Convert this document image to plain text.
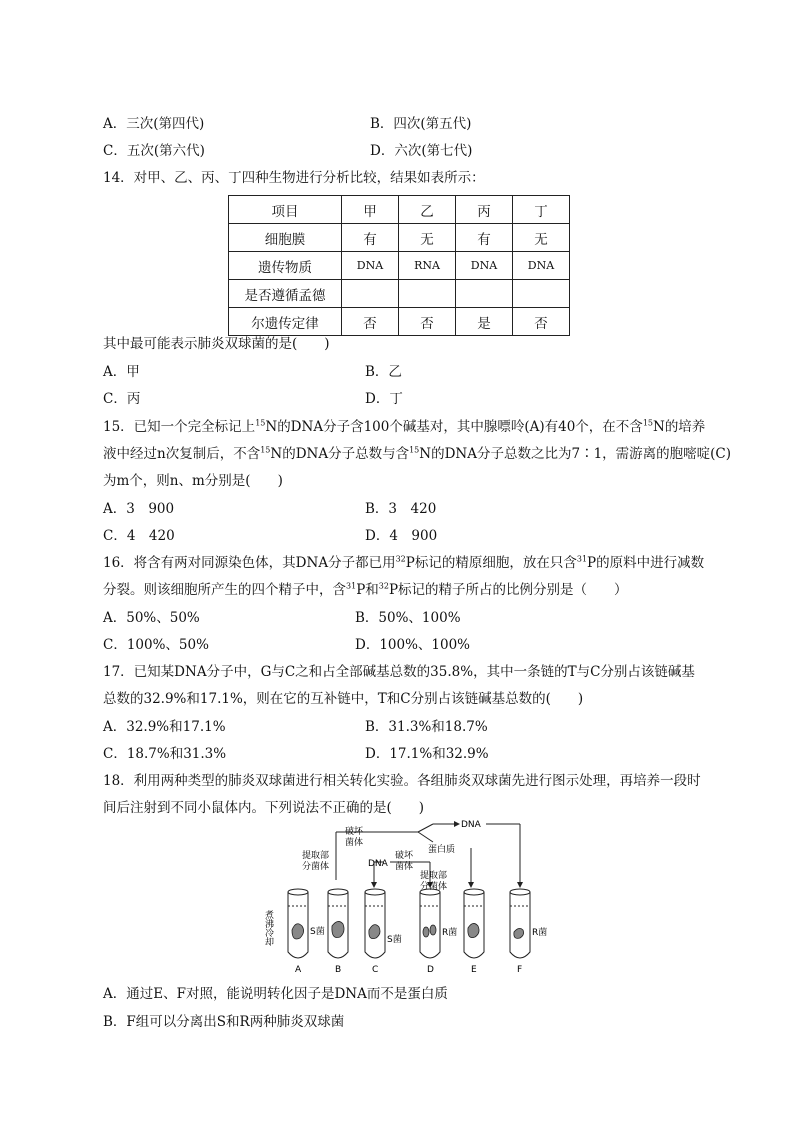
A．三次(第四代)	B．四次(第五代)
C．五次(第六代)	D．六次(第七代)
14．对甲、乙、丙、丁四种生物进行分析比较，结果如表所示：
项目	甲	乙	丙	丁
细胞膜	有	无	有	无
遗传物质	DNA	RNA	DNA	DNA
是否遵循孟德				
尔遗传定律	否	否	是	否
其中最可能表示肺炎双球菌的是(　　)
A．甲	B．乙
C．丙	D．丁
15．已知一个完全标记上$^{15}$N的DNA分子含100个碱基对，其中腺嘌呤(A)有40个，在不含$^{15}$N的培养
液中经过n次复制后，不含$^{15}$N的DNA分子总数与含$^{15}$N的DNA分子总数之比为7∶1，需游离的胞嘧啶(C)
为m个，则n、m分别是(　　)
A．3　900	B．3　420
C．4　420	D．4　900
16．将含有两对同源染色体，其DNA分子都已用$^{32}$P标记的精原细胞，放在只含$^{31}$P的原料中进行减数
分裂。则该细胞所产生的四个精子中，含$^{31}$P和$^{32}$P标记的精子所占的比例分别是（　　）
A．50%、50%	B．50%、100%
C．100%、50%	D．100%、100%
17．已知某DNA分子中，G与C之和占全部碱基总数的35.8%，其中一条链的T与C分别占该链碱基
总数的32.9%和17.1%，则在它的互补链中，T和C分别占该链碱基总数的(　　)
A．32.9%和17.1%	B．31.3%和18.7%
C．18.7%和31.3%	D．17.1%和32.9%
18．利用两种类型的肺炎双球菌进行相关转化实验。各组肺炎双球菌先进行图示处理，再培养一段时
间后注射到不同小鼠体内。下列说法不正确的是(　　)
破坏
菌体
提取部
分菌体
DNA
蛋白质
DNA
破坏
菌体
提取部
分菌体
煮沸冷却	S菌
S菌
R菌	R菌
A	B	C	D	E	F
A．通过E、F对照，能说明转化因子是DNA而不是蛋白质
B．F组可以分离出S和R两种肺炎双球菌
